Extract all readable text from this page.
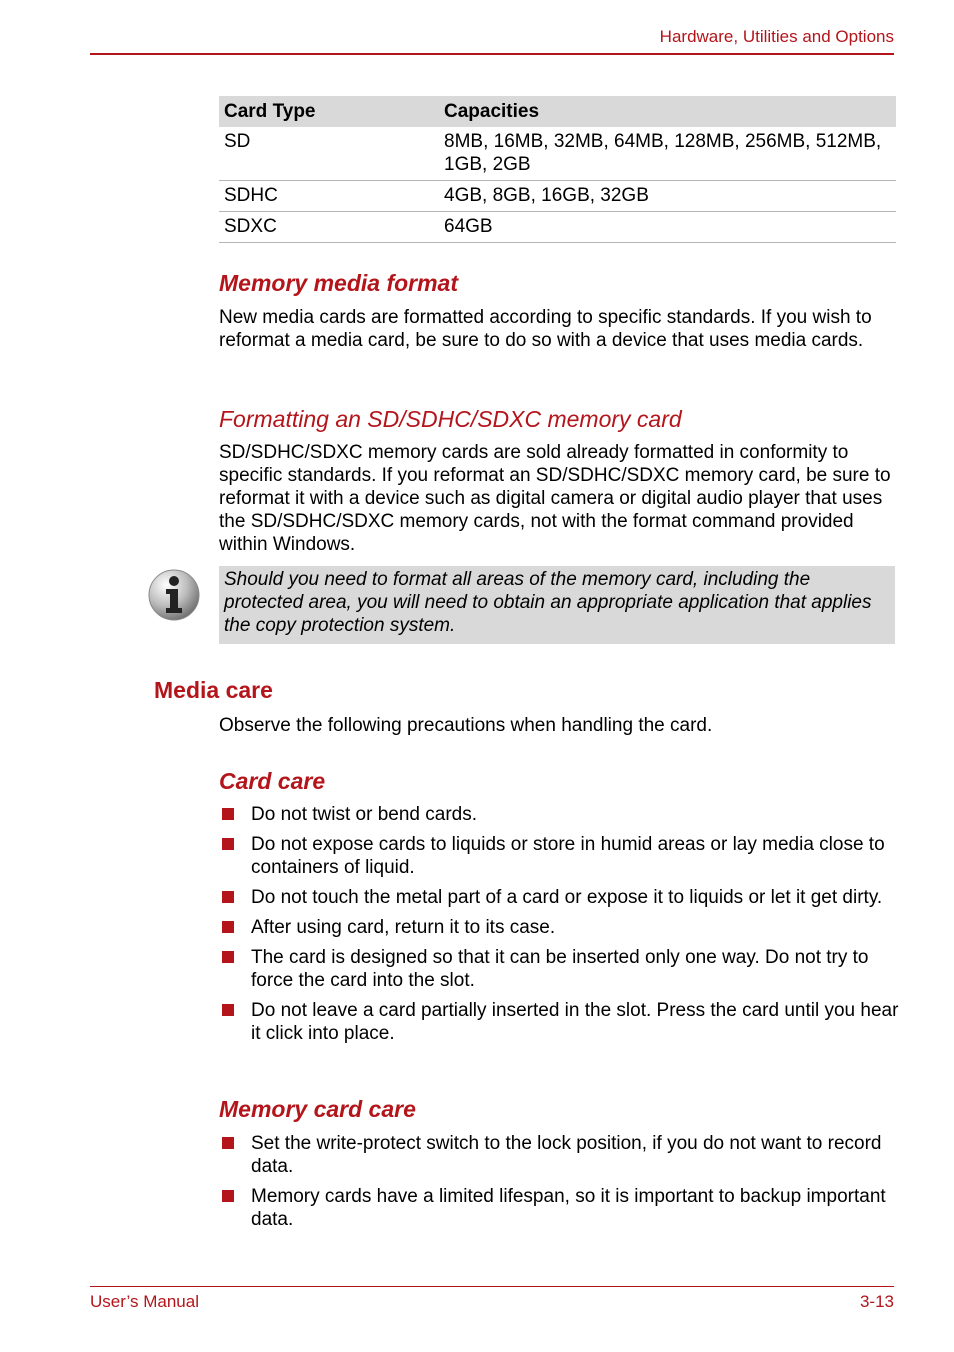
Hardware, Utilities and Options
Card Type	Capacities
SD	8MB, 16MB, 32MB, 64MB, 128MB, 256MB, 512MB, 1GB, 2GB
SDHC	4GB, 8GB, 16GB, 32GB
SDXC	64GB
Memory media format

New media cards are formatted according to specific standards. If you wish to reformat a media card, be sure to do so with a device that uses media cards.

Formatting an SD/SDHC/SDXC memory card

SD/SDHC/SDXC memory cards are sold already formatted in conformity to specific standards. If you reformat an SD/SDHC/SDXC memory card, be sure to reformat it with a device such as digital camera or digital audio player that uses the SD/SDHC/SDXC memory cards, not with the format command provided within Windows.

Should you need to format all areas of the memory card, including the protected area, you will need to obtain an appropriate application that applies the copy protection system.
Media care

Observe the following precautions when handling the card.

Card care
Do not twist or bend cards.
Do not expose cards to liquids or store in humid areas or lay media close to containers of liquid.
Do not touch the metal part of a card or expose it to liquids or let it get dirty.
After using card, return it to its case.
The card is designed so that it can be inserted only one way. Do not try to force the card into the slot.
Do not leave a card partially inserted in the slot. Press the card until you hear it click into place.
Memory card care
Set the write-protect switch to the lock position, if you do not want to record data.
Memory cards have a limited lifespan, so it is important to backup important data.
User’s Manual	3-13
